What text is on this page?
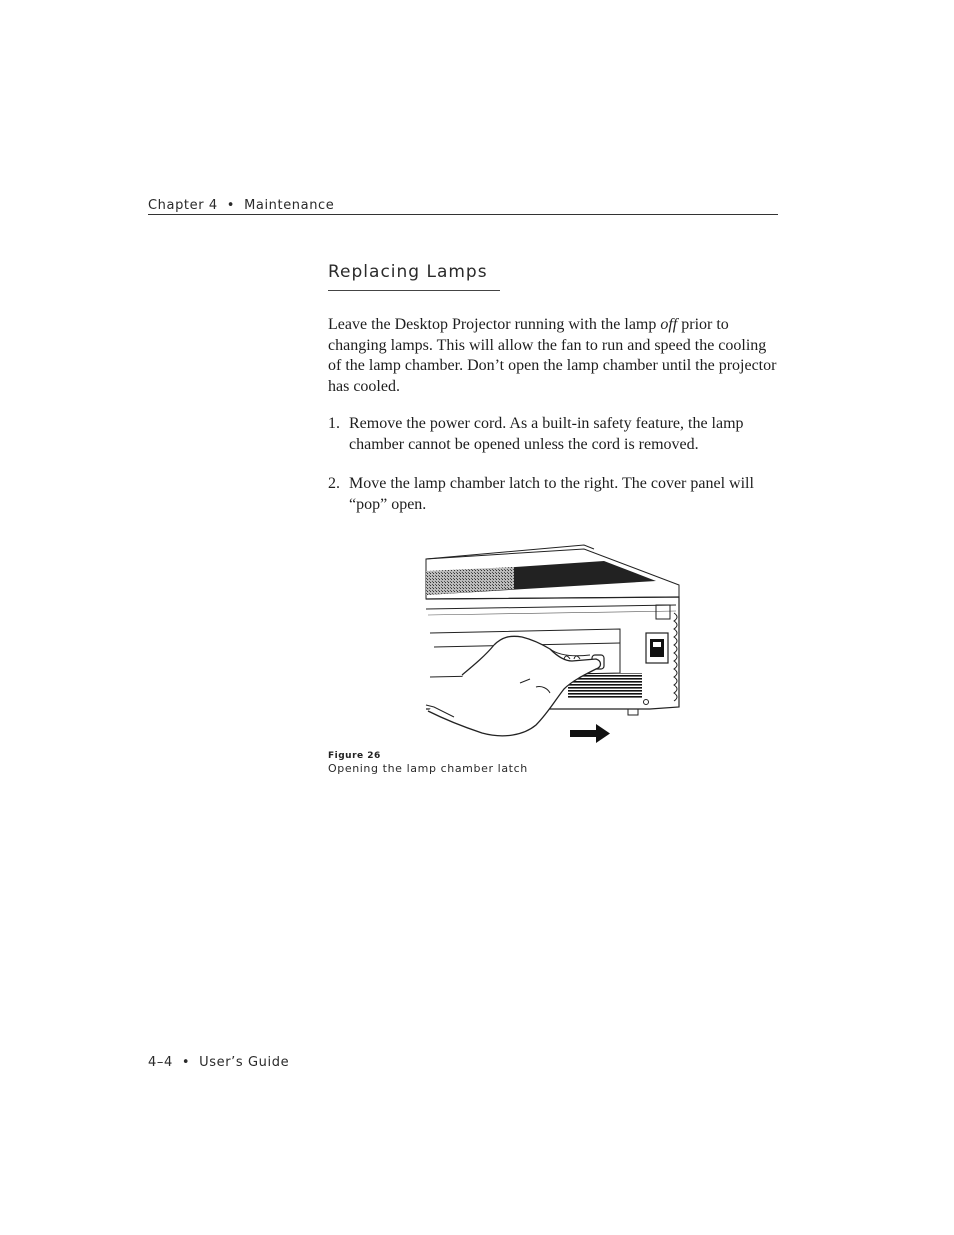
Chapter 4 • Maintenance
Replacing Lamps
Leave the Desktop Projector running with the lamp off prior to changing lamps. This will allow the fan to run and speed the cooling of the lamp chamber. Don’t open the lamp chamber until the projector has cooled.
1. Remove the power cord. As a built-in safety feature, the lamp chamber cannot be opened unless the cord is removed.
2. Move the lamp chamber latch to the right. The cover panel will “pop” open.
Figure 26
Opening the lamp chamber latch
4–4 • User’s Guide
